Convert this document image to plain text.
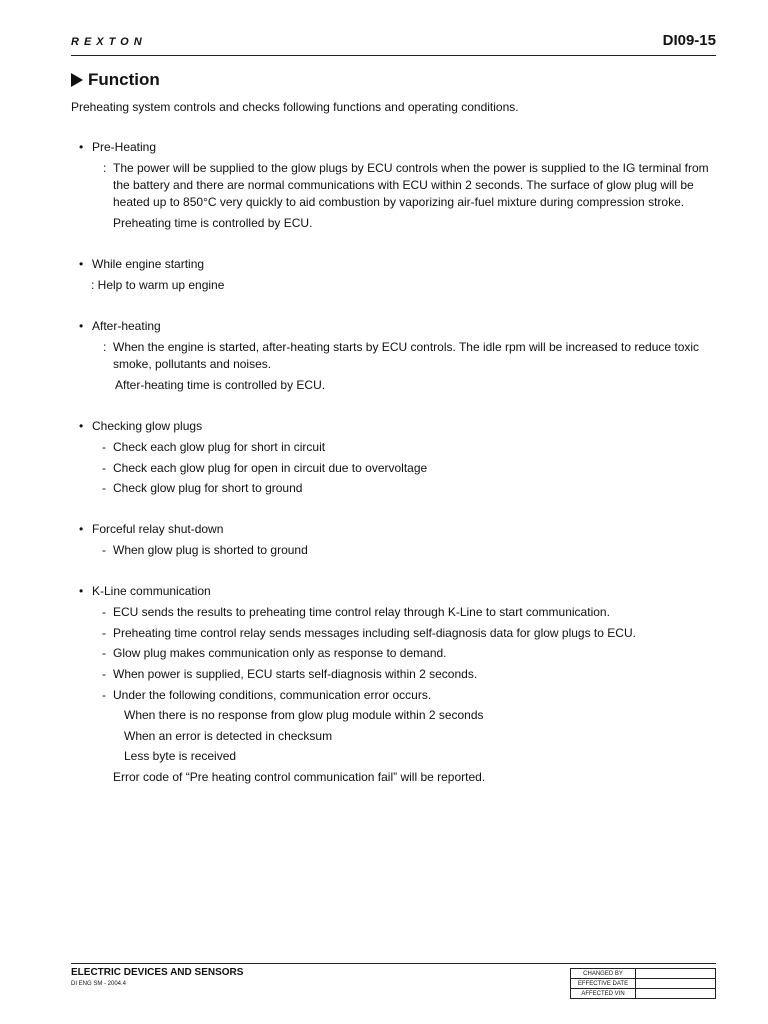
REXTON	DI09-15
Function
Preheating system controls and checks following functions and operating conditions.
• Pre-Heating
: The power will be supplied to the glow plugs by ECU controls when the power is supplied to the IG terminal from the battery and there are normal communications with ECU within 2 seconds. The surface of glow plug will be heated up to 850°C very quickly to aid combustion by vaporizing air-fuel mixture during compression stroke.
Preheating time is controlled by ECU.
• While engine starting
: Help to warm up engine
• After-heating
: When the engine is started, after-heating starts by ECU controls. The idle rpm will be increased to reduce toxic smoke, pollutants and noises.
After-heating time is controlled by ECU.
• Checking glow plugs
- Check each glow plug for short in circuit
- Check each glow plug for open in circuit due to overvoltage
- Check glow plug for short to ground
• Forceful relay shut-down
- When glow plug is shorted to ground
• K-Line communication
- ECU sends the results to preheating time control relay through K-Line to start communication.
- Preheating time control relay sends messages including self-diagnosis data for glow plugs to ECU.
- Glow plug makes communication only as response to demand.
- When power is supplied, ECU starts self-diagnosis within 2 seconds.
- Under the following conditions, communication error occurs.
When there is no response from glow plug module within 2 seconds
When an error is detected in checksum
Less byte is received
Error code of “Pre heating control communication fail” will be reported.
ELECTRIC DEVICES AND SENSORS
DI ENG SM - 2004.4
CHANGED BY	
EFFECTIVE DATE	
AFFECTED VIN	
